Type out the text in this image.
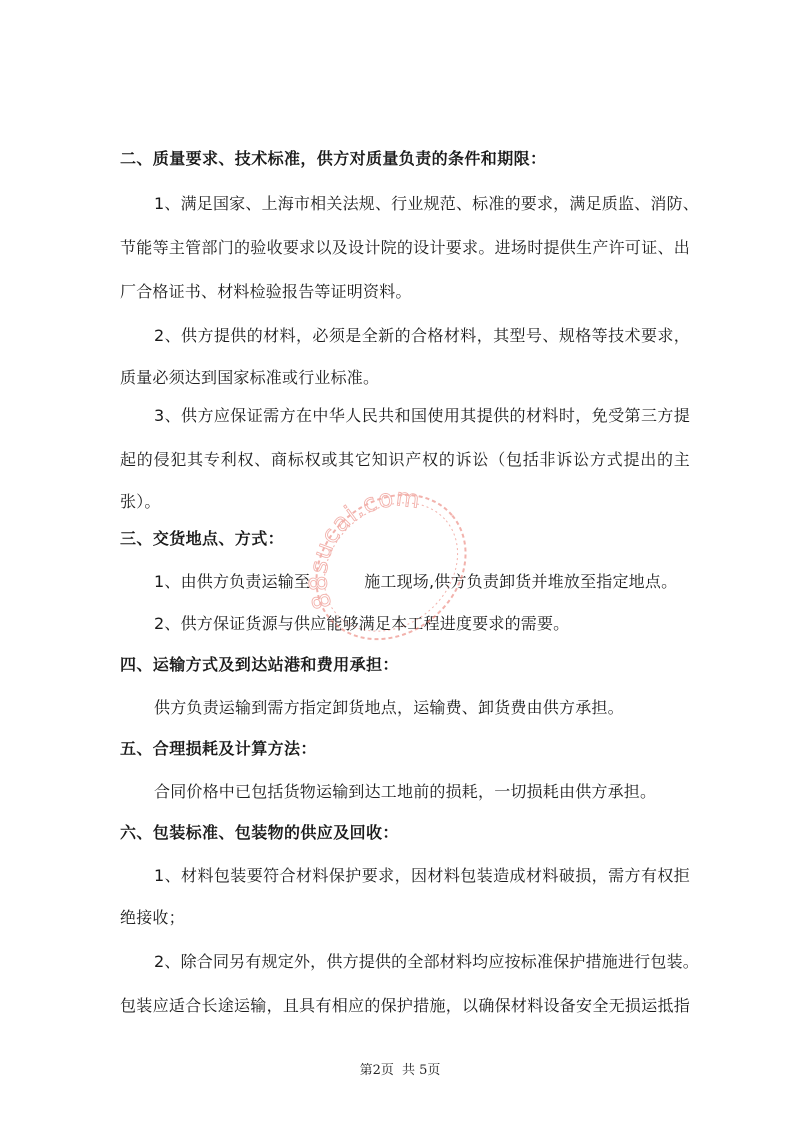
二、质量要求、技术标准，供方对质量负责的条件和期限：
1、满足国家、上海市相关法规、行业规范、标准的要求，满足质监、消防、
节能等主管部门的验收要求以及设计院的设计要求。进场时提供生产许可证、出
厂合格证书、材料检验报告等证明资料。
2、供方提供的材料，必须是全新的合格材料，其型号、规格等技术要求，
质量必须达到国家标准或行业标准。
3、供方应保证需方在中华人民共和国使用其提供的材料时，免受第三方提
起的侵犯其专利权、商标权或其它知识产权的诉讼（包括非诉讼方式提出的主
张）。
三、交货地点、方式：
1、由供方负责运输至	施工现场,供方负责卸货并堆放至指定地点。
2、供方保证货源与供应能够满足本工程进度要求的需要。
四、运输方式及到达站港和费用承担：
供方负责运输到需方指定卸货地点，运输费、卸货费由供方承担。
五、合理损耗及计算方法：
合同价格中已包括货物运输到达工地前的损耗，一切损耗由供方承担。
六、包装标准、包装物的供应及回收：
1、材料包装要符合材料保护要求，因材料包装造成材料破损，需方有权拒
绝接收；
2、除合同另有规定外，供方提供的全部材料均应按标准保护措施进行包装。
包装应适合长途运输，且具有相应的保护措施，以确保材料设备安全无损运抵指
88sucai.com
第2页 共 5页
